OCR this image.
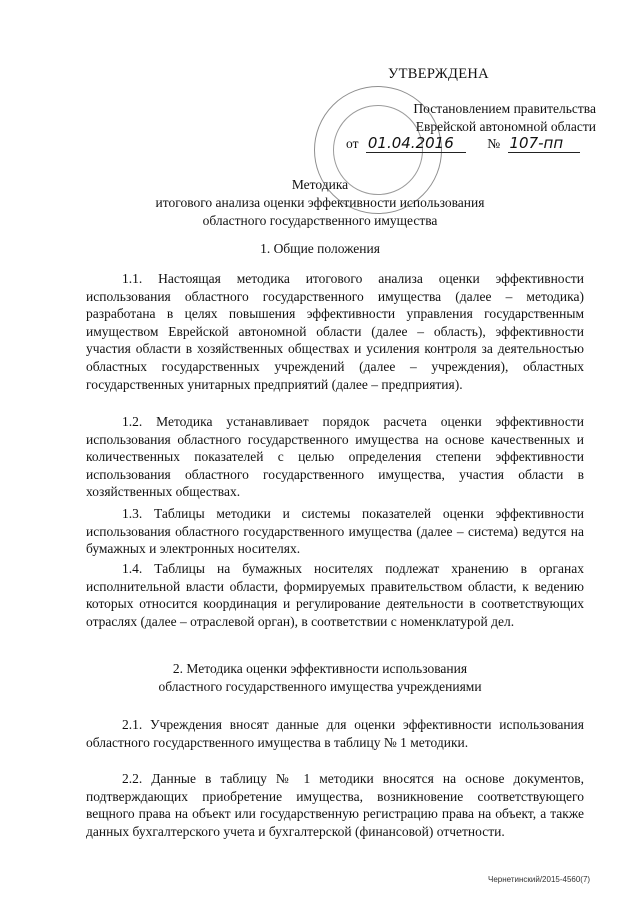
УТВЕРЖДЕНА
Постановлением правительства
Еврейской автономной области
от 01.04.2016 № 107-пп
Методика
итогового анализа оценки эффективности использования
областного государственного имущества
1. Общие положения

1.1. Настоящая методика итогового анализа оценки эффективности использования областного государственного имущества (далее – методика) разработана в целях повышения эффективности управления государственным имуществом Еврейской автономной области (далее – область), эффективности участия области в хозяйственных обществах и усиления контроля за деятельностью областных государственных учреждений (далее – учреждения), областных государственных унитарных предприятий (далее – предприятия).

1.2. Методика устанавливает порядок расчета оценки эффективности использования областного государственного имущества на основе качественных и количественных показателей с целью определения степени эффективности использования областного государственного имущества, участия области в хозяйственных обществах.

1.3. Таблицы методики и системы показателей оценки эффективности использования областного государственного имущества (далее – система) ведутся на бумажных и электронных носителях.

1.4. Таблицы на бумажных носителях подлежат хранению в органах исполнительной власти области, формируемых правительством области, к ведению которых относится координация и регулирование деятельности в соответствующих отраслях (далее – отраслевой орган), в соответствии с номенклатурой дел.

2. Методика оценки эффективности использования
областного государственного имущества учреждениями

2.1. Учреждения вносят данные для оценки эффективности использования областного государственного имущества в таблицу № 1 методики.

2.2. Данные в таблицу № 1 методики вносятся на основе документов, подтверждающих приобретение имущества, возникновение соответствующего вещного права на объект или государственную регистрацию права на объект, а также данных бухгалтерского учета и бухгалтерской (финансовой) отчетности.

Чернетинский/2015-4560(7)
